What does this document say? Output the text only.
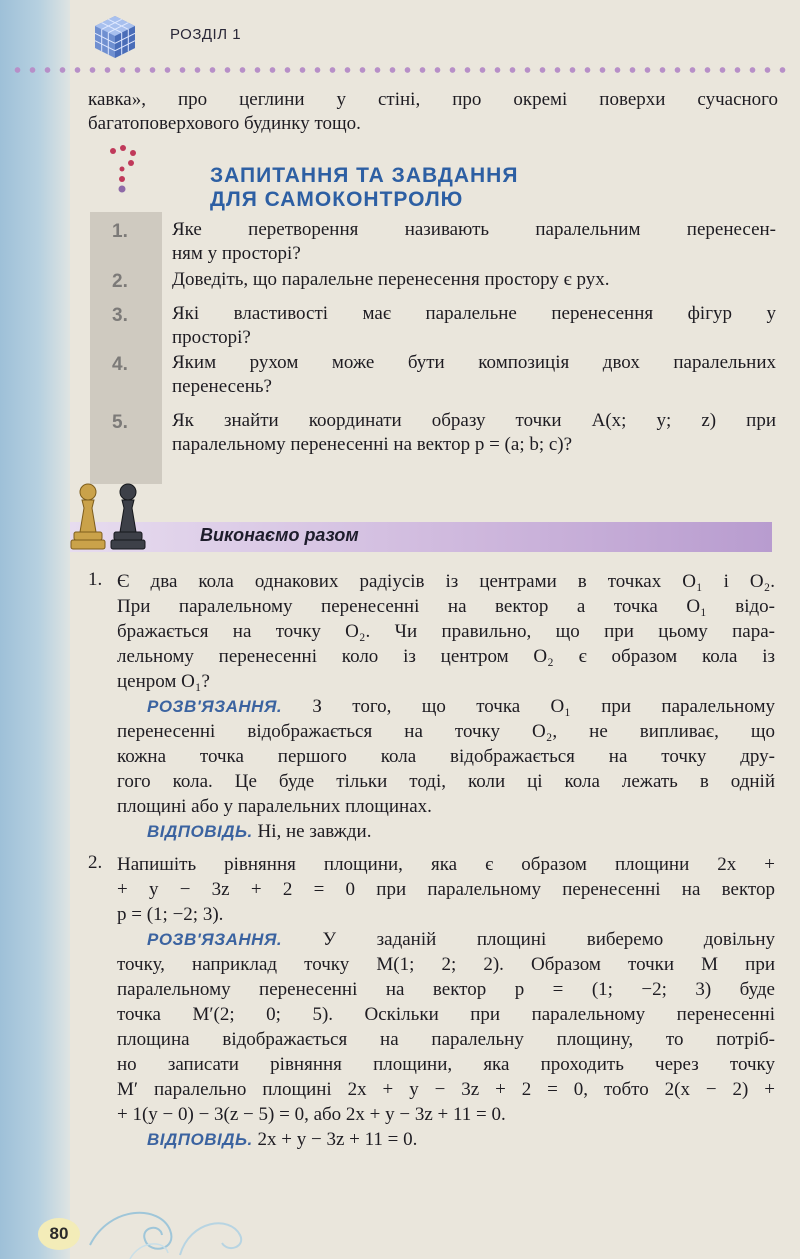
РОЗДІЛ 1
кавка», про цеглини у стіні, про окремі поверхи сучасного
багатоповерхового будинку тощо.
ЗАПИТАННЯ ТА ЗАВДАННЯ
ДЛЯ САМОКОНТРОЛЮ
1.	Яке перетворення називають паралельним перенесен-
ням у просторі?
2.	Доведіть, що паралельне перенесення простору є рух.
3.	Які властивості має паралельне перенесення фігур у
просторі?
4.	Яким рухом може бути композиція двох паралельних
перенесень?
5.	Як знайти координати образу точки A(x; y; z) при
паралельному перенесенні на вектор p = (a; b; c)?
Виконаємо разом
1. Є два кола однакових радіусів із центрами в точках O₁ і O₂.
При паралельному перенесенні на вектор a точка O₁ відо-
бражається на точку O₂. Чи правильно, що при цьому пара-
лельному перенесенні коло із центром O₂ є образом кола із
ценром O₁?
РОЗВ'ЯЗАННЯ. З того, що точка O₁ при паралельному
перенесенні відображається на точку O₂, не випливає, що
кожна точка першого кола відображається на точку дру-
гого кола. Це буде тільки тоді, коли ці кола лежать в одній
площині або у паралельних площинах.
ВІДПОВІДЬ. Ні, не завжди.
2. Напишіть рівняння площини, яка є образом площини 2x +
+ y − 3z + 2 = 0 при паралельному перенесенні на вектор
p = (1; −2; 3).
РОЗВ'ЯЗАННЯ. У заданій площині виберемо довільну
точку, наприклад точку M(1; 2; 2). Образом точки M при
паралельному перенесенні на вектор p = (1; −2; 3) буде
точка M′(2; 0; 5). Оскільки при паралельному перенесенні
площина відображається на паралельну площину, то потріб-
но записати рівняння площини, яка проходить через точку
M′ паралельно площині 2x + y − 3z + 2 = 0, тобто 2(x − 2) +
+ 1(y − 0) − 3(z − 5) = 0, або 2x + y − 3z + 11 = 0.
ВІДПОВІДЬ. 2x + y − 3z + 11 = 0.
80
